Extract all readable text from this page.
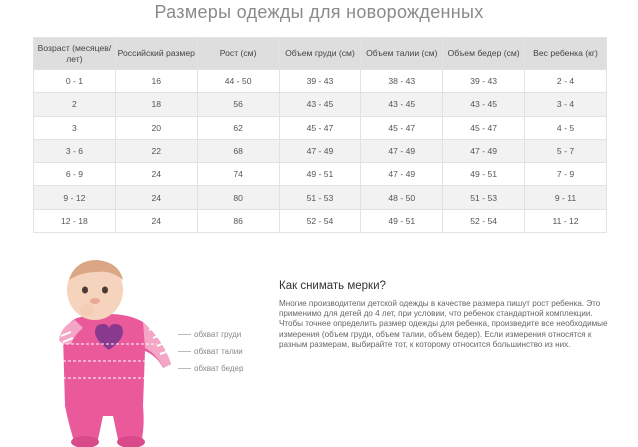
Размеры одежды для новорожденных
Возраст (месяцев/лет)	Российский размер	Рост (см)	Объем груди (см)	Объем талии (см)	Объем бедер (см)	Вес ребенка (кг)
0 - 1	16	44 - 50	39 - 43	38 - 43	39 - 43	2 - 4
2	18	56	43 - 45	43 - 45	43 - 45	3 - 4
3	20	62	45 - 47	45 - 47	45 - 47	4 - 5
3 - 6	22	68	47 - 49	47 - 49	47 - 49	5 - 7
6 - 9	24	74	49 - 51	47 - 49	49 - 51	7 - 9
9 - 12	24	80	51 - 53	48 - 50	51 - 53	9 - 11
12 - 18	24	86	52 - 54	49 - 51	52 - 54	11 - 12
обхват груди
обхват талии
обхват бедер
Как снимать мерки?

Многие производители детской одежды в качестве размера пишут рост ребенка. Это применимо для детей до 4 лет, при условии, что ребенок стандартной комплекции.

Чтобы точнее определить размер одежды для ребенка, произведите все необходимые измерения (объем груди, объем талии, объем бедер). Если измерения относятся к разным размерам, выбирайте тот, к которому относится большинство из них.
